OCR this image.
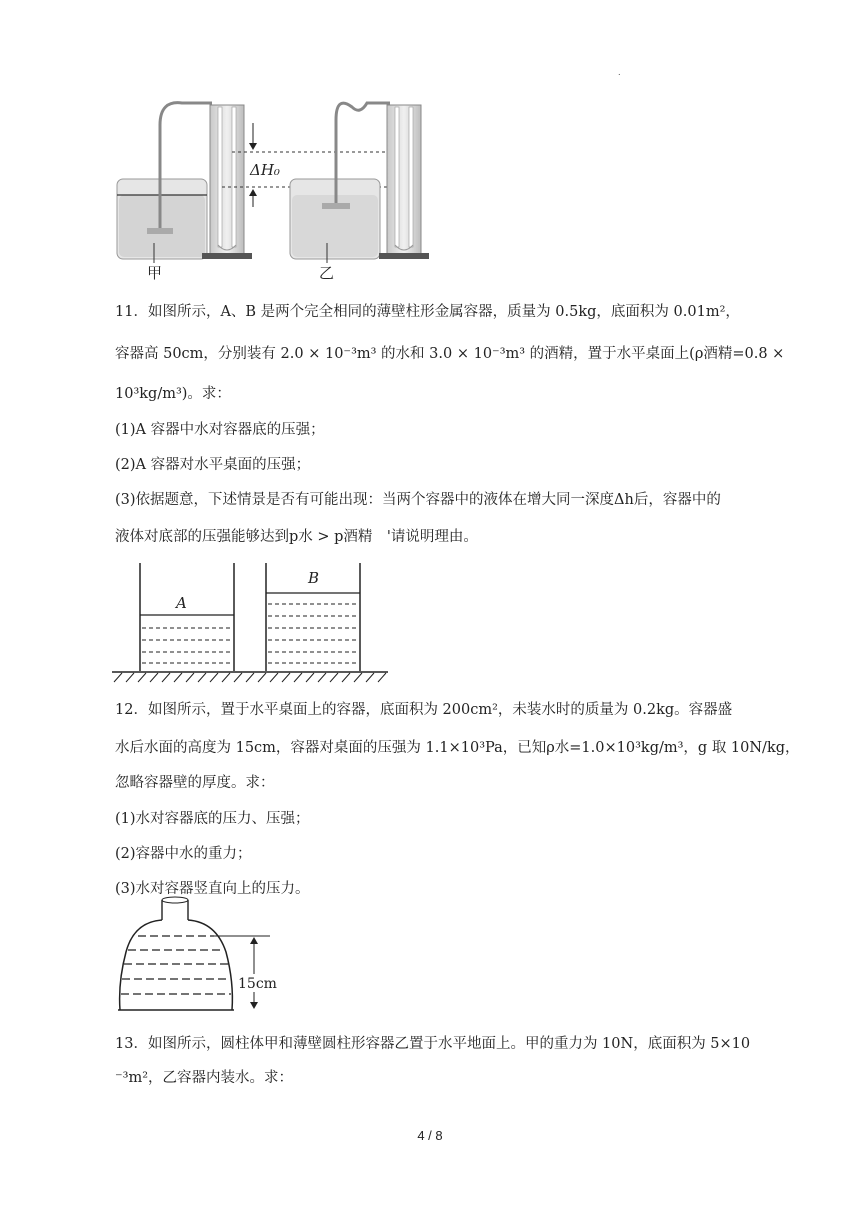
.
ΔH₀
甲	乙
11．如图所示，A、B 是两个完全相同的薄壁柱形金属容器，质量为 0.5kg，底面积为 0.01m²，
容器高 50cm，分别装有 2.0 × 10⁻³m³ 的水和 3.0 × 10⁻³m³ 的酒精，置于水平桌面上(ρ酒精=0.8 ×
10³kg/m³)。求：
(1)A 容器中水对容器底的压强；
(2)A 容器对水平桌面的压强；
(3)依据题意，下述情景是否有可能出现：当两个容器中的液体在增大同一深度Δh后，容器中的
液体对底部的压强能够达到p水 > p酒精　'请说明理由。
A
B
12．如图所示，置于水平桌面上的容器，底面积为 200cm²，未装水时的质量为 0.2kg。容器盛
水后水面的高度为 15cm，容器对桌面的压强为 1.1×10³Pa，已知ρ水=1.0×10³kg/m³，g 取 10N/kg，
忽略容器壁的厚度。求：
(1)水对容器底的压力、压强；
(2)容器中水的重力；
(3)水对容器竖直向上的压力。
15cm
13．如图所示，圆柱体甲和薄壁圆柱形容器乙置于水平地面上。甲的重力为 10N，底面积为 5×10
⁻³m²，乙容器内装水。求：
4 / 8
